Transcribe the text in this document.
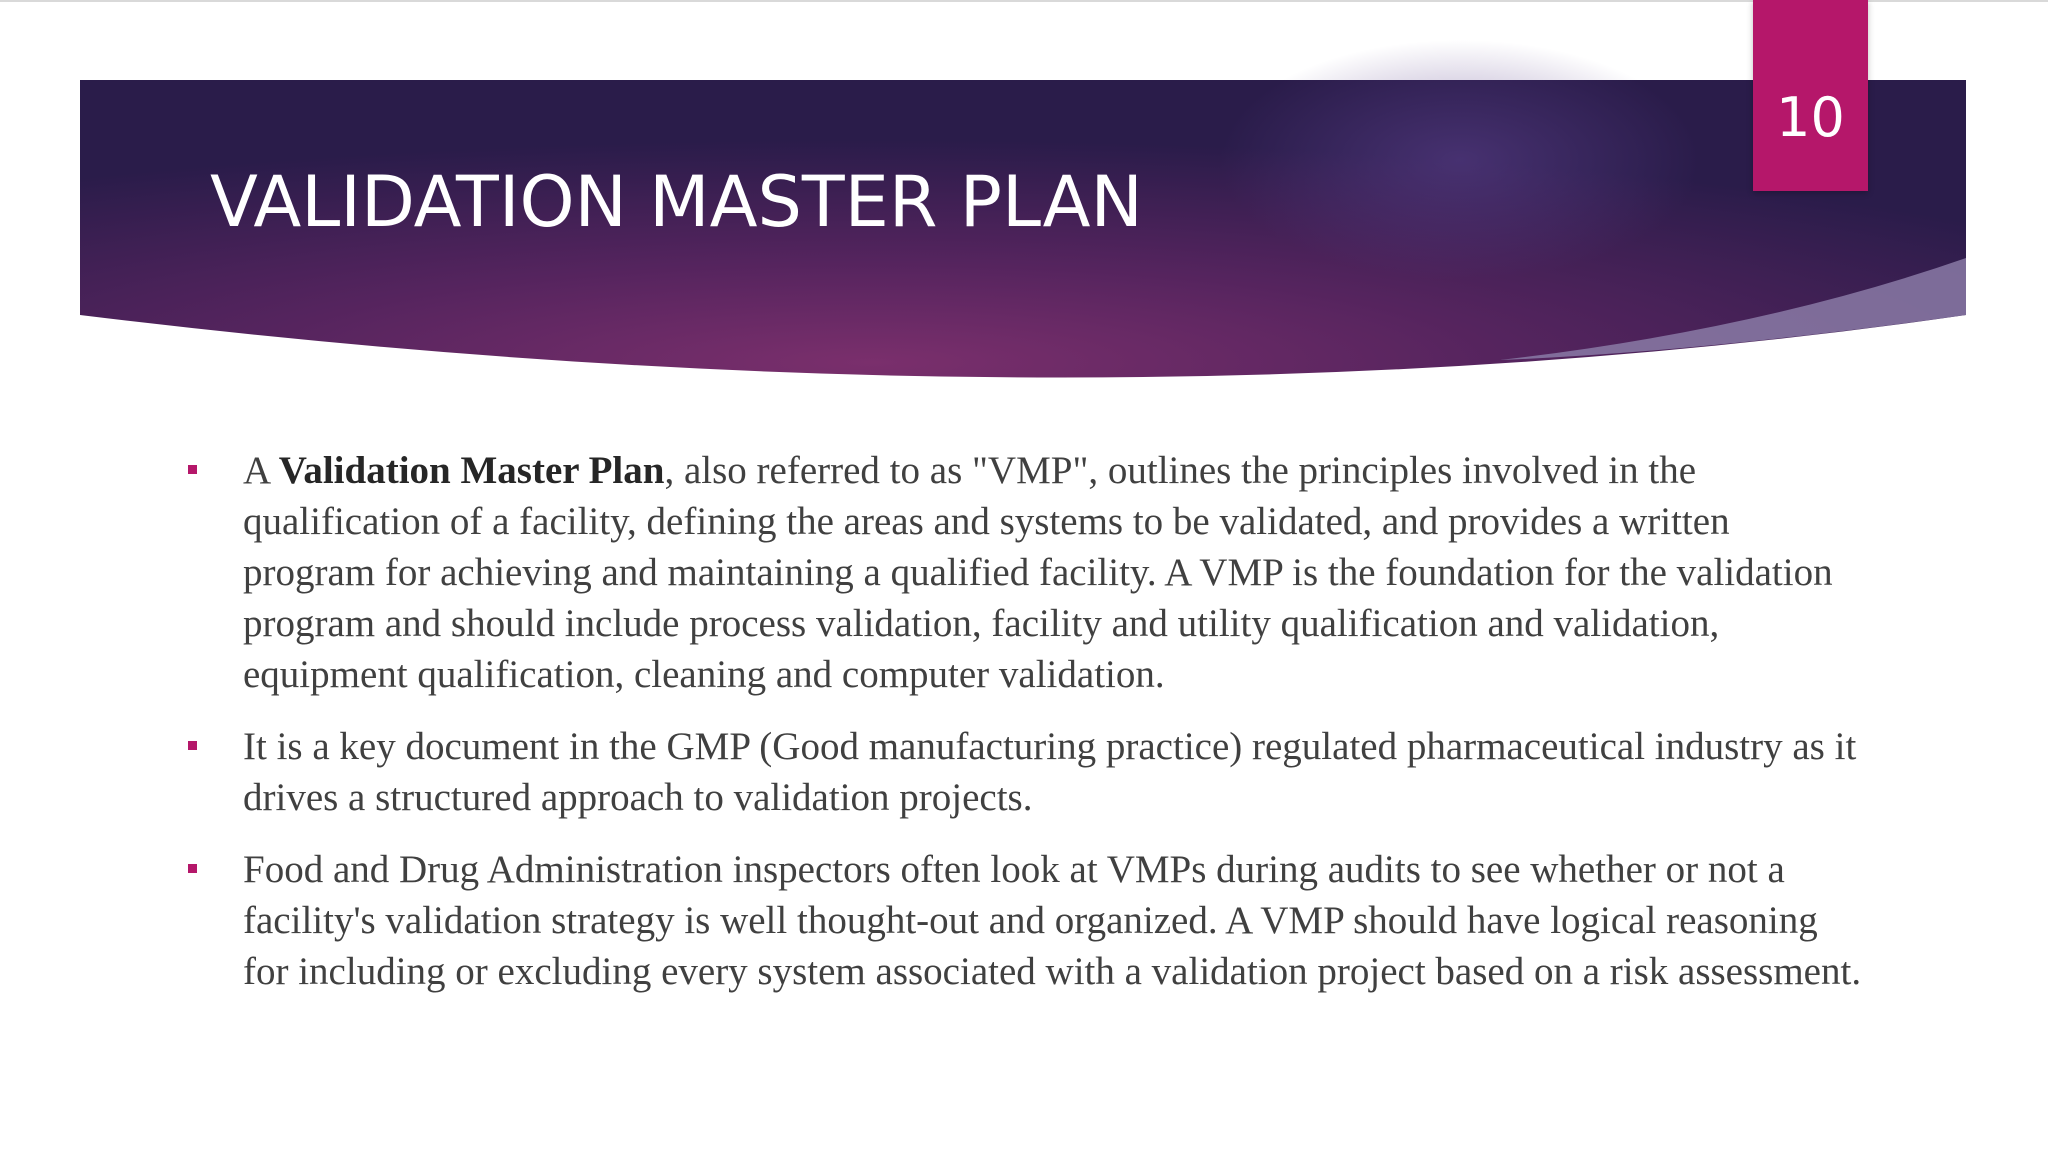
10
VALIDATION MASTER PLAN
A Validation Master Plan, also referred to as "VMP", outlines the principles involved in the qualification of a facility, defining the areas and systems to be validated, and provides a written program for achieving and maintaining a qualified facility. A VMP is the foundation for the validation program and should include process validation, facility and utility qualification and validation, equipment qualification, cleaning and computer validation.
It is a key document in the GMP (Good manufacturing practice) regulated pharmaceutical industry as it drives a structured approach to validation projects.
Food and Drug Administration inspectors often look at VMPs during audits to see whether or not a facility's validation strategy is well thought-out and organized. A VMP should have logical reasoning for including or excluding every system associated with a validation project based on a risk assessment.
